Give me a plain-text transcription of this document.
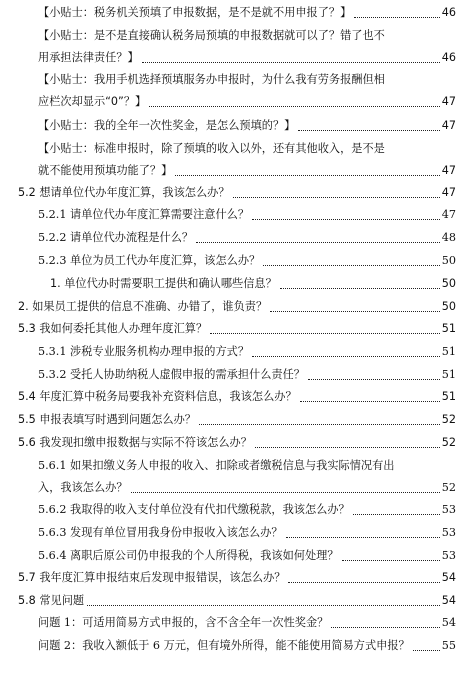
【小贴士：税务机关预填了申报数据，是不是就不用申报了？】	46
【小贴士：是不是直接确认税务局预填的申报数据就可以了？错了也不
用承担法律责任？】	46
【小贴士：我用手机选择预填服务办申报时，为什么我有劳务报酬但相
应栏次却显示“0”？】	47
【小贴士：我的全年一次性奖金，是怎么预填的？】	47
【小贴士：标准申报时，除了预填的收入以外，还有其他收入，是不是
就不能使用预填功能了？】	47
5.2 想请单位代办年度汇算，我该怎么办？	47
5.2.1 请单位代办年度汇算需要注意什么？	47
5.2.2 请单位代办流程是什么？	48
5.2.3 单位为员工代办年度汇算，该怎么办？	50
1. 单位代办时需要职工提供和确认哪些信息？	50
2. 如果员工提供的信息不准确、办错了，谁负责？	50
5.3 我如何委托其他人办理年度汇算？	51
5.3.1 涉税专业服务机构办理申报的方式？	51
5.3.2 受托人协助纳税人虚假申报的需承担什么责任？	51
5.4 年度汇算中税务局要我补充资料信息，我该怎么办？	51
5.5 申报表填写时遇到问题怎么办？	52
5.6 我发现扣缴申报数据与实际不符该怎么办？	52
5.6.1 如果扣缴义务人申报的收入、扣除或者缴税信息与我实际情况有出
入，我该怎么办？	52
5.6.2 我取得的收入支付单位没有代扣代缴税款，我该怎么办？	53
5.6.3 发现有单位冒用我身份申报收入该怎么办？	53
5.6.4 离职后原公司仍申报我的个人所得税，我该如何处理？	53
5.7 我年度汇算申报结束后发现申报错误，该怎么办？	54
5.8 常见问题	54
问题 1：可适用简易方式申报的，含不含全年一次性奖金？	54
问题 2：我收入额低于 6 万元，但有境外所得，能不能使用简易方式申报？	55
